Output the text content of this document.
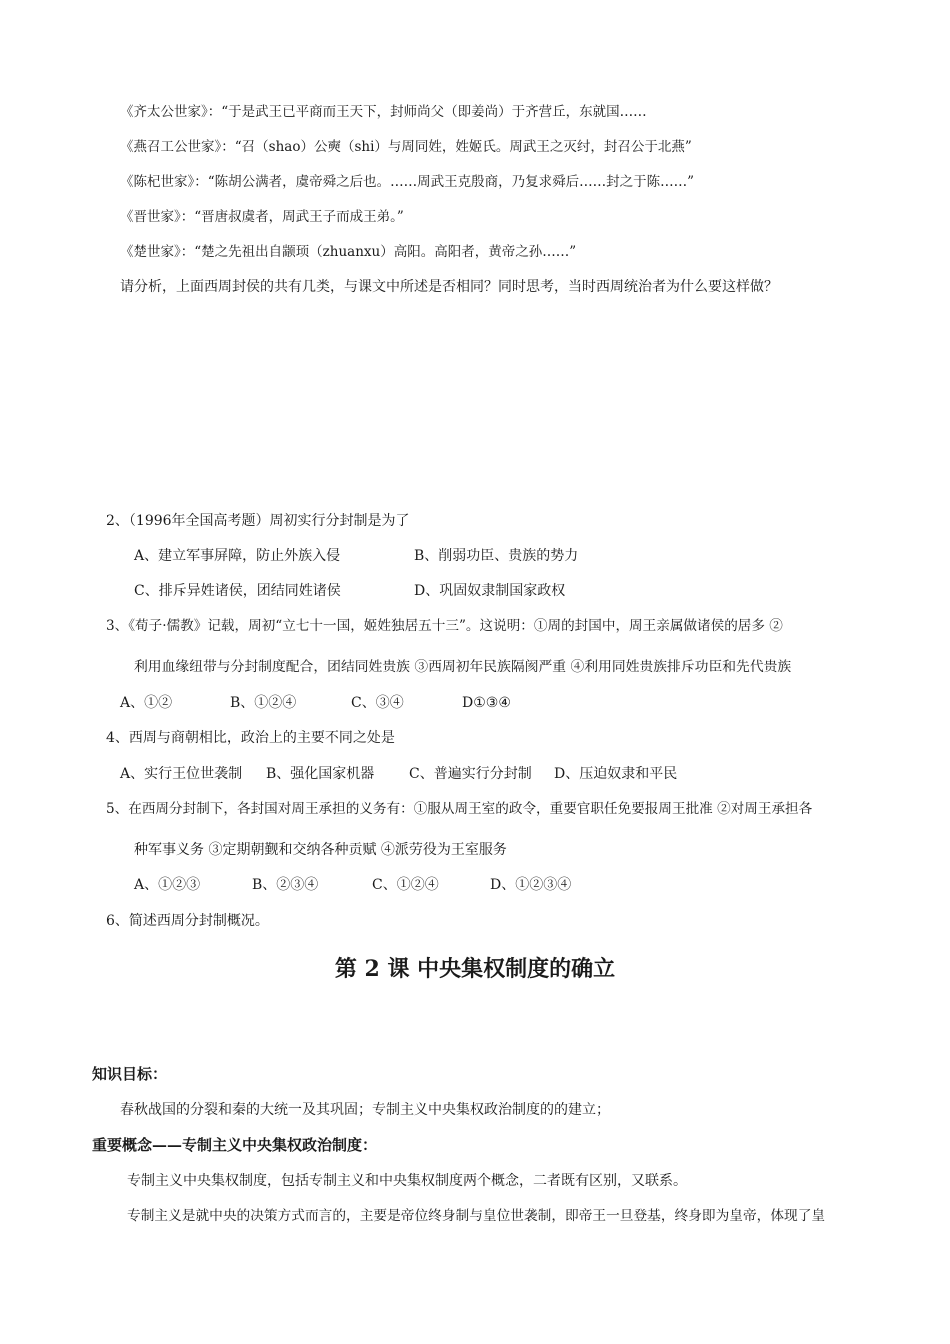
《齐太公世家》：“于是武王已平商而王天下，封师尚父（即姜尚）于齐营丘，东就国……
《燕召工公世家》：“召（shao）公奭（shi）与周同姓，姓姬氏。周武王之灭纣，封召公于北燕”
《陈杞世家》：“陈胡公满者，虞帝舜之后也。……周武王克殷商，乃复求舜后……封之于陈……”
《晋世家》：“晋唐叔虞者，周武王子而成王弟。”
《楚世家》：“楚之先祖出自颛顼（zhuanxu）高阳。高阳者，黄帝之孙……”
请分析，上面西周封侯的共有几类，与课文中所述是否相同？同时思考，当时西周统治者为什么要这样做？
2、（1996年全国高考题）周初实行分封制是为了
A、建立军事屏障，防止外族入侵	B、削弱功臣、贵族的势力
C、排斥异姓诸侯，团结同姓诸侯	D、巩固奴隶制国家政权
3、《荀子·儒教》记载，周初“立七十一国，姬姓独居五十三”。这说明：①周的封国中，周王亲属做诸侯的居多 ②
利用血缘纽带与分封制度配合，团结同姓贵族 ③西周初年民族隔阂严重 ④利用同姓贵族排斥功臣和先代贵族
A、①②	B、①②④	C、③④	D①③④
4、西周与商朝相比，政治上的主要不同之处是
A、实行王位世袭制 B、强化国家机器 C、普遍实行分封制 D、压迫奴隶和平民
5、在西周分封制下，各封国对周王承担的义务有：①服从周王室的政令，重要官职任免要报周王批准 ②对周王承担各
种军事义务 ③定期朝觐和交纳各种贡赋 ④派劳役为王室服务
A、①②③	B、②③④	C、①②④	D、①②③④
6、简述西周分封制概况。
第 2 课 中央集权制度的确立
知识目标：
春秋战国的分裂和秦的大统一及其巩固；专制主义中央集权政治制度的的建立；
重要概念——专制主义中央集权政治制度：
专制主义中央集权制度，包括专制主义和中央集权制度两个概念，二者既有区别，又联系。
专制主义是就中央的决策方式而言的，主要是帝位终身制与皇位世袭制，即帝王一旦登基，终身即为皇帝，体现了皇
